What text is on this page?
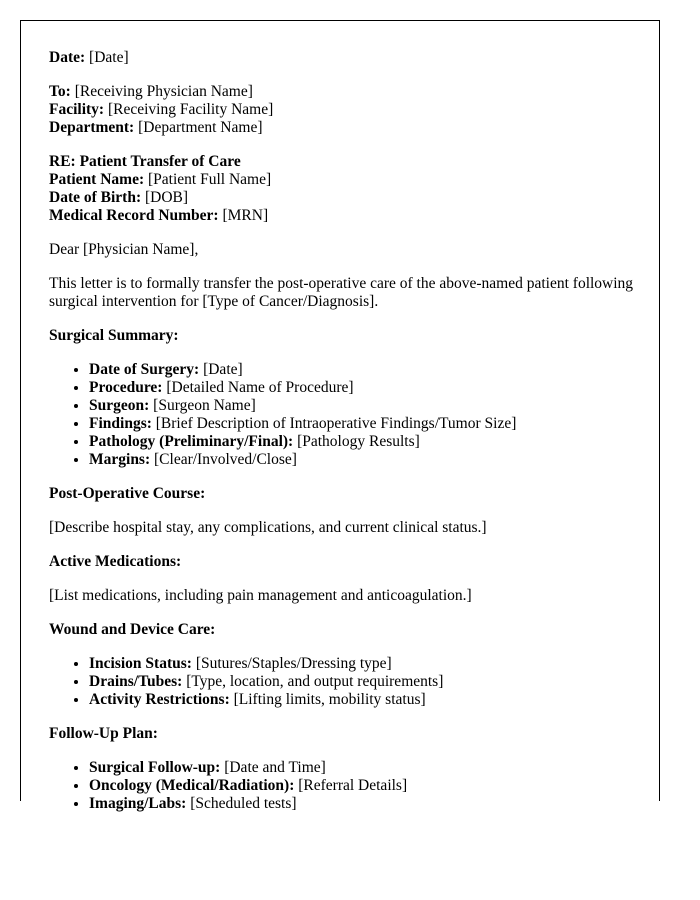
Date: [Date]
To: [Receiving Physician Name]
Facility: [Receiving Facility Name]
Department: [Department Name]
RE: Patient Transfer of Care
Patient Name: [Patient Full Name]
Date of Birth: [DOB]
Medical Record Number: [MRN]

Dear [Physician Name],

This letter is to formally transfer the post-operative care of the above-named patient following surgical intervention for [Type of Cancer/Diagnosis].

Surgical Summary:
• Date of Surgery: [Date]
• Procedure: [Detailed Name of Procedure]
• Surgeon: [Surgeon Name]
• Findings: [Brief Description of Intraoperative Findings/Tumor Size]
• Pathology (Preliminary/Final): [Pathology Results]
• Margins: [Clear/Involved/Close]
Post-Operative Course:

[Describe hospital stay, any complications, and current clinical status.]

Active Medications:

[List medications, including pain management and anticoagulation.]

Wound and Device Care:
• Incision Status: [Sutures/Staples/Dressing type]
• Drains/Tubes: [Type, location, and output requirements]
• Activity Restrictions: [Lifting limits, mobility status]
Follow-Up Plan:
• Surgical Follow-up: [Date and Time]
• Oncology (Medical/Radiation): [Referral Details]
• Imaging/Labs: [Scheduled tests]
